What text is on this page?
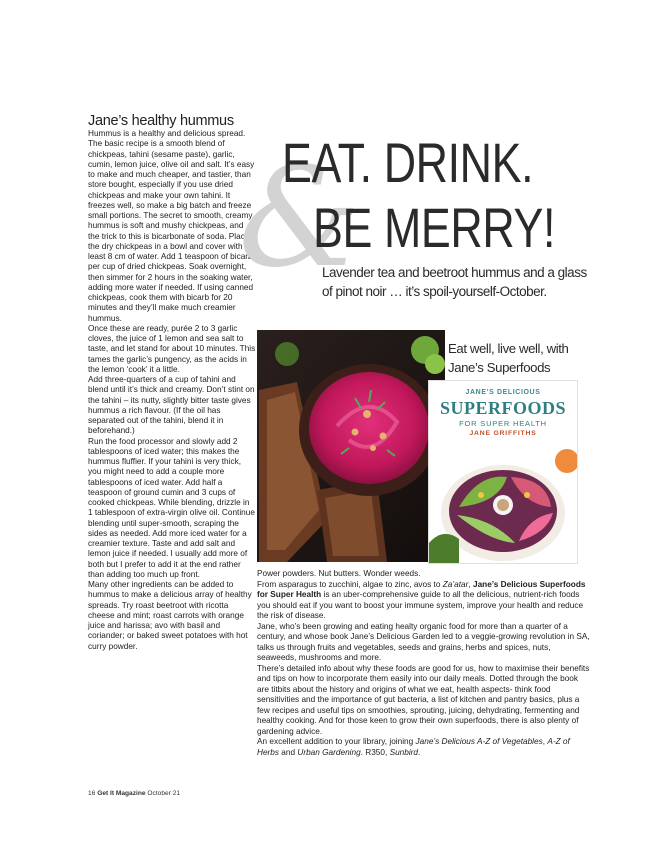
Jane’s healthy hummus

Hummus is a healthy and delicious spread. The basic recipe is a smooth blend of chickpeas, tahini (sesame paste), garlic, cumin, lemon juice, olive oil and salt. It’s easy to make and much cheaper, and tastier, than store bought, especially if you use dried chickpeas and make your own tahini. It freezes well, so make a big batch and freeze small portions. The secret to smooth, creamy hummus is soft and mushy chickpeas, and the trick to this is bicarbonate of soda. Place the dry chickpeas in a bowl and cover with at least 8 cm of water. Add 1 teaspoon of bicarb per cup of dried chickpeas. Soak overnight, then simmer for 2 hours in the soaking water, adding more water if needed. If using canned chickpeas, cook them with bicarb for 20 minutes and they’ll make much creamier hummus.

Once these are ready, purée 2 to 3 garlic cloves, the juice of 1 lemon and sea salt to taste, and let stand for about 10 minutes. This tames the garlic’s pungency, as the acids in the lemon ‘cook’ it a little.

Add three-quarters of a cup of tahini and blend until it’s thick and creamy. Don’t stint on the tahini – its nutty, slightly bitter taste gives hummus a rich flavour. (If the oil has separated out of the tahini, blend it in beforehand.)

Run the food processor and slowly add 2 tablespoons of iced water; this makes the hummus fluffier. If your tahini is very thick, you might need to add a couple more tablespoons of iced water. Add half a teaspoon of ground cumin and 3 cups of cooked chickpeas. While blending, drizzle in 1 tablespoon of extra-virgin olive oil. Continue blending until super-smooth, scraping the sides as needed. Add more iced water for a creamier texture. Taste and add salt and lemon juice if needed. I usually add more of both but I prefer to add it at the end rather than adding too much up front.

Many other ingredients can be added to hummus to make a delicious array of healthy spreads. Try roast beetroot with ricotta cheese and mint; roast carrots with orange juice and harissa; avo with basil and coriander; or baked sweet potatoes with hot curry powder.

&
EAT. DRINK.
BE MERRY!
Lavender tea and beetroot hummus and a glass of pinot noir … it’s spoil-yourself-October.
Eat well, live well, with Jane’s Superfoods
JANE’S DELICIOUS
SUPERFOODS
FOR SUPER HEALTH
JANE GRIFFITHS

Power powders. Nut butters. Wonder weeds.

From asparagus to zucchini, algae to zinc, avos to Za’atar, Jane’s Delicious Superfoods for Super Health is an uber-comprehensive guide to all the delicious, nutrient-rich foods you should eat if you want to boost your immune system, improve your health and reduce the risk of disease.

Jane, who’s been growing and eating healty organic food for more than a quarter of a century, and whose book Jane’s Delicious Garden led to a veggie-growing revolution in SA, talks us through fruits and vegetables, seeds and grains, herbs and spices, nuts, seaweeds, mushrooms and more.

There’s detailed info about why these foods are good for us, how to maximise their benefits and tips on how to incorporate them easily into our daily meals. Dotted through the book are titbits about the history and origins of what we eat, health aspects- think food sensitivities and the importance of gut bacteria, a list of kitchen and pantry basics, plus a few recipes and useful tips on smoothies, sprouting, juicing, dehydrating, fermenting and healthy cooking. And for those keen to grow their own superfoods, there is also plenty of gardening advice.

An excellent addition to your library, joining Jane’s Delicious A-Z of Vegetables, A-Z of Herbs and Urban Gardening. R350, Sunbird.

16 Get It Magazine October 21
